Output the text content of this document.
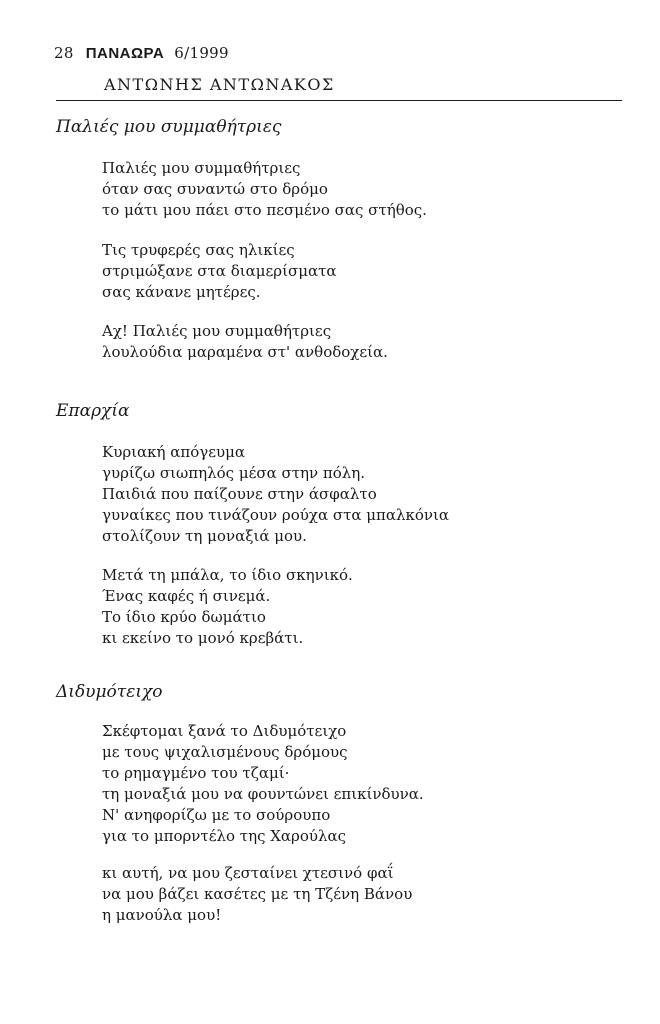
28 ΠΑΝΑΩΡΑ 6/1999
ΑΝΤΩΝΗΣ ΑΝΤΩΝΑΚΟΣ
Παλιές μου συμμαθήτριες
Παλιές μου συμμαθήτριες
όταν σας συναντώ στο δρόμο
το μάτι μου πάει στο πεσμένο σας στήθος.
Τις τρυφερές σας ηλικίες
στριμώξανε στα διαμερίσματα
σας κάνανε μητέρες.
Αχ! Παλιές μου συμμαθήτριες
λουλούδια μαραμένα στ' ανθοδοχεία.
Επαρχία
Κυριακή απόγευμα
γυρίζω σιωπηλός μέσα στην πόλη.
Παιδιά που παίζουνε στην άσφαλτο
γυναίκες που τινάζουν ρούχα στα μπαλκόνια
στολίζουν τη μοναξιά μου.
Μετά τη μπάλα, το ίδιο σκηνικό.
Ένας καφές ή σινεμά.
Το ίδιο κρύο δωμάτιο
κι εκείνο το μονό κρεβάτι.
Διδυμότειχο
Σκέφτομαι ξανά το Διδυμότειχο
με τους ψιχαλισμένους δρόμους
το ρημαγμένο του τζαμί·
τη μοναξιά μου να φουντώνει επικίνδυνα.
Ν' ανηφορίζω με το σούρουπο
για το μπορντέλο της Χαρούλας
κι αυτή, να μου ζεσταίνει χτεσινό φαΐ
να μου βάζει κασέτες με τη Τζένη Βάνου
η μανούλα μου!
